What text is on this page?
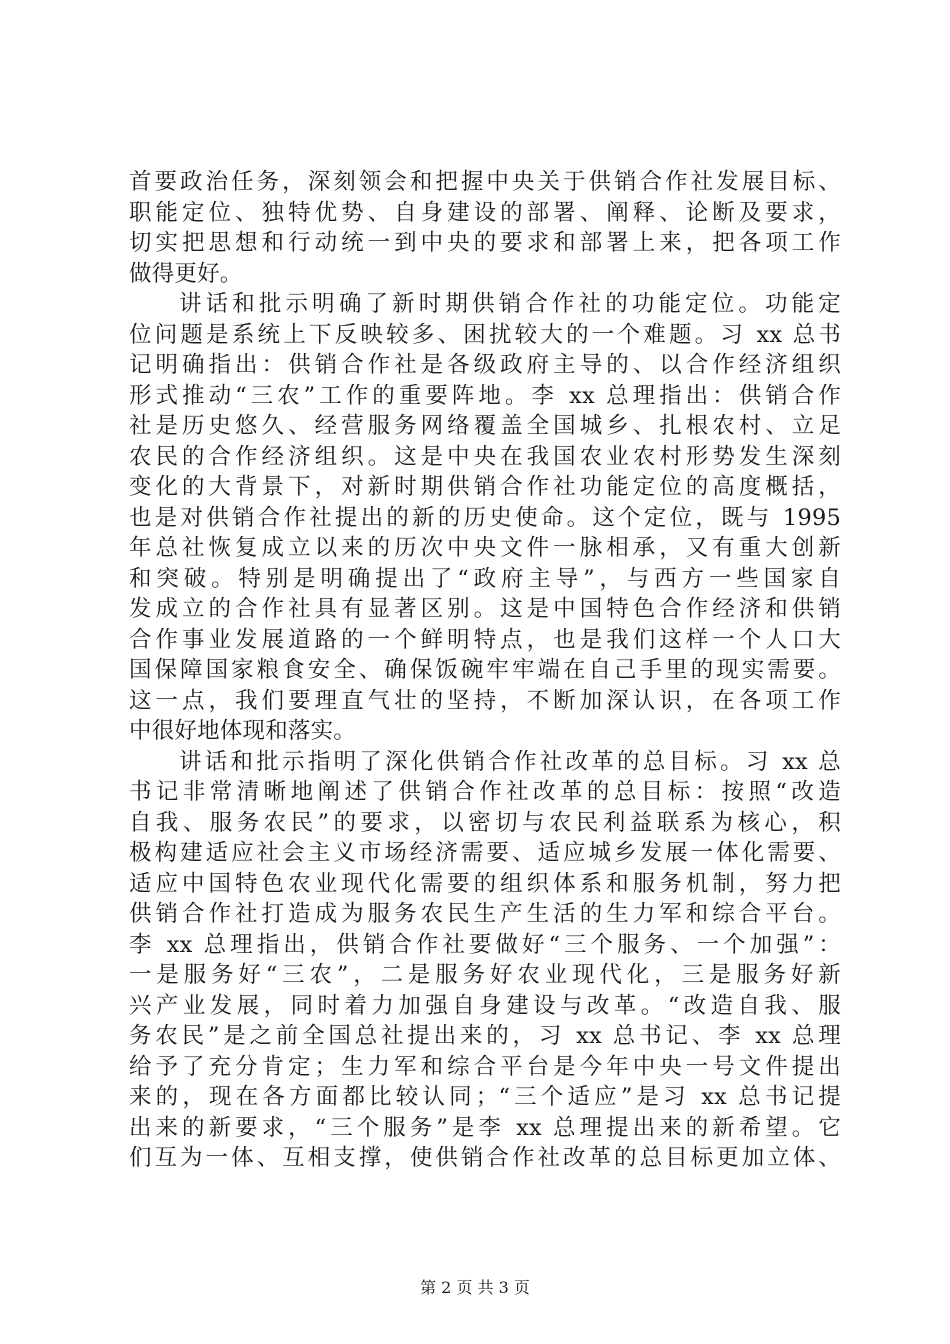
首要政治任务，深刻领会和把握中央关于供销合作社发展目标、
职能定位、独特优势、自身建设的部署、阐释、论断及要求，
切实把思想和行动统一到中央的要求和部署上来，把各项工作
做得更好。
讲话和批示明确了新时期供销合作社的功能定位。功能定
位问题是系统上下反映较多、困扰较大的一个难题。习 xx 总书
记明确指出：供销合作社是各级政府主导的、以合作经济组织
形式推动“三农”工作的重要阵地。李 xx 总理指出：供销合作
社是历史悠久、经营服务网络覆盖全国城乡、扎根农村、立足
农民的合作经济组织。这是中央在我国农业农村形势发生深刻
变化的大背景下，对新时期供销合作社功能定位的高度概括，
也是对供销合作社提出的新的历史使命。这个定位，既与 1995
年总社恢复成立以来的历次中央文件一脉相承，又有重大创新
和突破。特别是明确提出了“政府主导”，与西方一些国家自
发成立的合作社具有显著区别。这是中国特色合作经济和供销
合作事业发展道路的一个鲜明特点，也是我们这样一个人口大
国保障国家粮食安全、确保饭碗牢牢端在自己手里的现实需要。
这一点，我们要理直气壮的坚持，不断加深认识，在各项工作
中很好地体现和落实。
讲话和批示指明了深化供销合作社改革的总目标。习 xx 总
书记非常清晰地阐述了供销合作社改革的总目标：按照“改造
自我、服务农民”的要求，以密切与农民利益联系为核心，积
极构建适应社会主义市场经济需要、适应城乡发展一体化需要、
适应中国特色农业现代化需要的组织体系和服务机制，努力把
供销合作社打造成为服务农民生产生活的生力军和综合平台。
李 xx 总理指出，供销合作社要做好“三个服务、一个加强”：
一是服务好“三农”，二是服务好农业现代化，三是服务好新
兴产业发展，同时着力加强自身建设与改革。“改造自我、服
务农民”是之前全国总社提出来的，习 xx 总书记、李 xx 总理
给予了充分肯定；生力军和综合平台是今年中央一号文件提出
来的，现在各方面都比较认同；“三个适应”是习 xx 总书记提
出来的新要求，“三个服务”是李 xx 总理提出来的新希望。它
们互为一体、互相支撑，使供销合作社改革的总目标更加立体、
第 2 页 共 3 页
